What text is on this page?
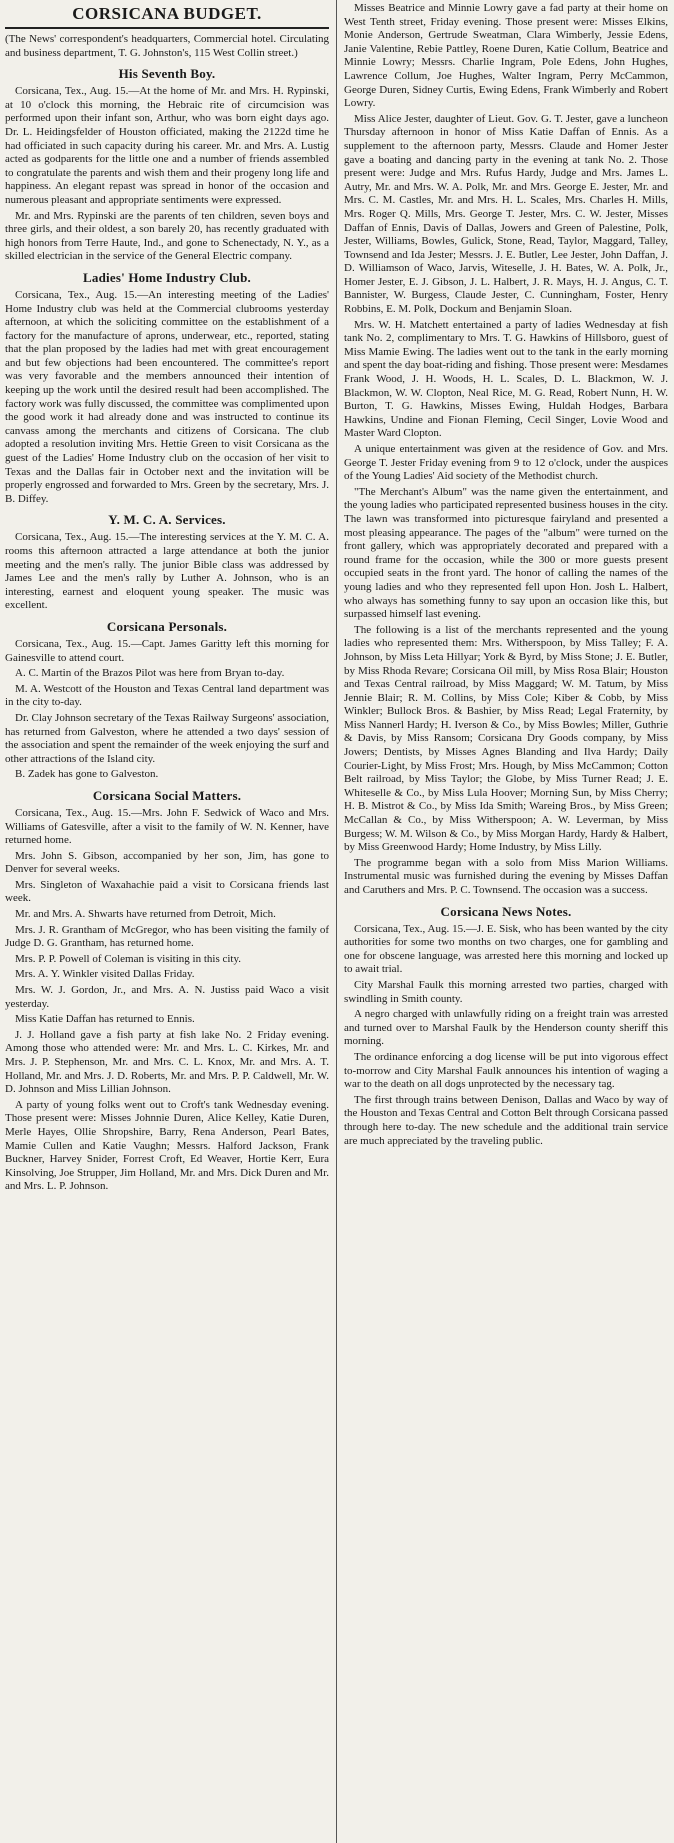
CORSICANA BUDGET.

(The News' correspondent's headquarters, Commercial hotel. Circulating and business department, T. G. Johnston's, 115 West Collin street.)

His Seventh Boy.

Corsicana, Tex., Aug. 15.—At the home of Mr. and Mrs. H. Rypinski, at 10 o'clock this morning, the Hebraic rite of circumcision was performed upon their infant son, Arthur, who was born eight days ago. Dr. L. Heidingsfelder of Houston officiated, making the 2122d time he had officiated in such capacity during his career. Mr. and Mrs. A. Lustig acted as godparents for the little one and a number of friends assembled to congratulate the parents and wish them and their progeny long life and happiness. An elegant repast was spread in honor of the occasion and numerous pleasant and appropriate sentiments were expressed.

Mr. and Mrs. Rypinski are the parents of ten children, seven boys and three girls, and their oldest, a son barely 20, has recently graduated with high honors from Terre Haute, Ind., and gone to Schenectady, N. Y., as a skilled electrician in the service of the General Electric company.

Ladies' Home Industry Club.

Corsicana, Tex., Aug. 15.—An interesting meeting of the Ladies' Home Industry club was held at the Commercial clubrooms yesterday afternoon, at which the soliciting committee on the establishment of a factory for the manufacture of aprons, underwear, etc., reported, stating that the plan proposed by the ladies had met with great encouragement and but few objections had been encountered. The committee's report was very favorable and the members announced their intention of keeping up the work until the desired result had been accomplished. The factory work was fully discussed, the committee was complimented upon the good work it had already done and was instructed to continue its canvass among the merchants and citizens of Corsicana. The club adopted a resolution inviting Mrs. Hettie Green to visit Corsicana as the guest of the Ladies' Home Industry club on the occasion of her visit to Texas and the Dallas fair in October next and the invitation will be properly engrossed and forwarded to Mrs. Green by the secretary, Mrs. J. B. Diffey.

Y. M. C. A. Services.

Corsicana, Tex., Aug. 15.—The interesting services at the Y. M. C. A. rooms this afternoon attracted a large attendance at both the junior meeting and the men's rally. The junior Bible class was addressed by James Lee and the men's rally by Luther A. Johnson, who is an interesting, earnest and eloquent young speaker. The music was excellent.

Corsicana Personals.

Corsicana, Tex., Aug. 15.—Capt. James Garitty left this morning for Gainesville to attend court.

A. C. Martin of the Brazos Pilot was here from Bryan to-day.

M. A. Westcott of the Houston and Texas Central land department was in the city to-day.

Dr. Clay Johnson secretary of the Texas Railway Surgeons' association, has returned from Galveston, where he attended a two days' session of the association and spent the remainder of the week enjoying the surf and other attractions of the Island city.

B. Zadek has gone to Galveston.

Corsicana Social Matters.

Corsicana, Tex., Aug. 15.—Mrs. John F. Sedwick of Waco and Mrs. Williams of Gatesville, after a visit to the family of W. N. Kenner, have returned home.

Mrs. John S. Gibson, accompanied by her son, Jim, has gone to Denver for several weeks.

Mrs. Singleton of Waxahachie paid a visit to Corsicana friends last week.

Mr. and Mrs. A. Shwarts have returned from Detroit, Mich.

Mrs. J. R. Grantham of McGregor, who has been visiting the family of Judge D. G. Grantham, has returned home.

Mrs. P. P. Powell of Coleman is visiting in this city.

Mrs. A. Y. Winkler visited Dallas Friday.

Mrs. W. J. Gordon, Jr., and Mrs. A. N. Justiss paid Waco a visit yesterday.

Miss Katie Daffan has returned to Ennis.

J. J. Holland gave a fish party at fish lake No. 2 Friday evening. Among those who attended were: Mr. and Mrs. L. C. Kirkes, Mr. and Mrs. J. P. Stephenson, Mr. and Mrs. C. L. Knox, Mr. and Mrs. A. T. Holland, Mr. and Mrs. J. D. Roberts, Mr. and Mrs. P. P. Caldwell, Mr. W. D. Johnson and Miss Lillian Johnson.

A party of young folks went out to Croft's tank Wednesday evening. Those present were: Misses Johnnie Duren, Alice Kelley, Katie Duren, Merle Hayes, Ollie Shropshire, Barry, Rena Anderson, Pearl Bates, Mamie Cullen and Katie Vaughn; Messrs. Halford Jackson, Frank Buckner, Harvey Snider, Forrest Croft, Ed Weaver, Hortie Kerr, Eura Kinsolving, Joe Strupper, Jim Holland, Mr. and Mrs. Dick Duren and Mr. and Mrs. L. P. Johnson.

Misses Beatrice and Minnie Lowry gave a fad party at their home on West Tenth street, Friday evening. Those present were: Misses Elkins, Monie Anderson, Gertrude Sweatman, Clara Wimberly, Jessie Edens, Janie Valentine, Rebie Pattley, Roene Duren, Katie Collum, Beatrice and Minnie Lowry; Messrs. Charlie Ingram, Pole Edens, John Hughes, Lawrence Collum, Joe Hughes, Walter Ingram, Perry McCammon, George Duren, Sidney Curtis, Ewing Edens, Frank Wimberly and Robert Lowry.

Miss Alice Jester, daughter of Lieut. Gov. G. T. Jester, gave a luncheon Thursday afternoon in honor of Miss Katie Daffan of Ennis. As a supplement to the afternoon party, Messrs. Claude and Homer Jester gave a boating and dancing party in the evening at tank No. 2. Those present were: Judge and Mrs. Rufus Hardy, Judge and Mrs. James L. Autry, Mr. and Mrs. W. A. Polk, Mr. and Mrs. George E. Jester, Mr. and Mrs. C. M. Castles, Mr. and Mrs. H. L. Scales, Mrs. Charles H. Mills, Mrs. Roger Q. Mills, Mrs. George T. Jester, Mrs. C. W. Jester, Misses Daffan of Ennis, Davis of Dallas, Jowers and Green of Palestine, Polk, Jester, Williams, Bowles, Gulick, Stone, Read, Taylor, Maggard, Talley, Townsend and Ida Jester; Messrs. J. E. Butler, Lee Jester, John Daffan, J. D. Williamson of Waco, Jarvis, Witeselle, J. H. Bates, W. A. Polk, Jr., Homer Jester, E. J. Gibson, J. L. Halbert, J. R. Mays, H. J. Angus, C. T. Bannister, W. Burgess, Claude Jester, C. Cunningham, Foster, Henry Robbins, E. M. Polk, Dockum and Benjamin Sloan.

Mrs. W. H. Matchett entertained a party of ladies Wednesday at fish tank No. 2, complimentary to Mrs. T. G. Hawkins of Hillsboro, guest of Miss Mamie Ewing. The ladies went out to the tank in the early morning and spent the day boat-riding and fishing. Those present were: Mesdames Frank Wood, J. H. Woods, H. L. Scales, D. L. Blackmon, W. J. Blackmon, W. W. Clopton, Neal Rice, M. G. Read, Robert Nunn, H. W. Burton, T. G. Hawkins, Misses Ewing, Huldah Hodges, Barbara Hawkins, Undine and Fionan Fleming, Cecil Singer, Lovie Wood and Master Ward Clopton.

A unique entertainment was given at the residence of Gov. and Mrs. George T. Jester Friday evening from 9 to 12 o'clock, under the auspices of the Young Ladies' Aid society of the Methodist church.

"The Merchant's Album" was the name given the entertainment, and the young ladies who participated represented business houses in the city. The lawn was transformed into picturesque fairyland and presented a most pleasing appearance. The pages of the "album" were turned on the front gallery, which was appropriately decorated and prepared with a round frame for the occasion, while the 300 or more guests present occupied seats in the front yard. The honor of calling the names of the young ladies and who they represented fell upon Hon. Josh L. Halbert, who always has something funny to say upon an occasion like this, but surpassed himself last evening.

The following is a list of the merchants represented and the young ladies who represented them: Mrs. Witherspoon, by Miss Talley; F. A. Johnson, by Miss Leta Hillyar; York & Byrd, by Miss Stone; J. E. Butler, by Miss Rhoda Revare; Corsicana Oil mill, by Miss Rosa Blair; Houston and Texas Central railroad, by Miss Maggard; W. M. Tatum, by Miss Jennie Blair; R. M. Collins, by Miss Cole; Kiber & Cobb, by Miss Winkler; Bullock Bros. & Bashier, by Miss Read; Legal Fraternity, by Miss Nannerl Hardy; H. Iverson & Co., by Miss Bowles; Miller, Guthrie & Davis, by Miss Ransom; Corsicana Dry Goods company, by Miss Jowers; Dentists, by Misses Agnes Blanding and Ilva Hardy; Daily Courier-Light, by Miss Frost; Mrs. Hough, by Miss McCammon; Cotton Belt railroad, by Miss Taylor; the Globe, by Miss Turner Read; J. E. Whiteselle & Co., by Miss Lula Hoover; Morning Sun, by Miss Cherry; H. B. Mistrot & Co., by Miss Ida Smith; Wareing Bros., by Miss Green; McCallan & Co., by Miss Witherspoon; A. W. Leverman, by Miss Burgess; W. M. Wilson & Co., by Miss Morgan Hardy, Hardy & Halbert, by Miss Greenwood Hardy; Home Industry, by Miss Lilly.

The programme began with a solo from Miss Marion Williams. Instrumental music was furnished during the evening by Misses Daffan and Caruthers and Mrs. P. C. Townsend. The occasion was a success.

Corsicana News Notes.

Corsicana, Tex., Aug. 15.—J. E. Sisk, who has been wanted by the city authorities for some two months on two charges, one for gambling and one for obscene language, was arrested here this morning and locked up to await trial.

City Marshal Faulk this morning arrested two parties, charged with swindling in Smith county.

A negro charged with unlawfully riding on a freight train was arrested and turned over to Marshal Faulk by the Henderson county sheriff this morning.

The ordinance enforcing a dog license will be put into vigorous effect to-morrow and City Marshal Faulk announces his intention of waging a war to the death on all dogs unprotected by the necessary tag.

The first through trains between Denison, Dallas and Waco by way of the Houston and Texas Central and Cotton Belt through Corsicana passed through here to-day. The new schedule and the additional train service are much appreciated by the traveling public.
